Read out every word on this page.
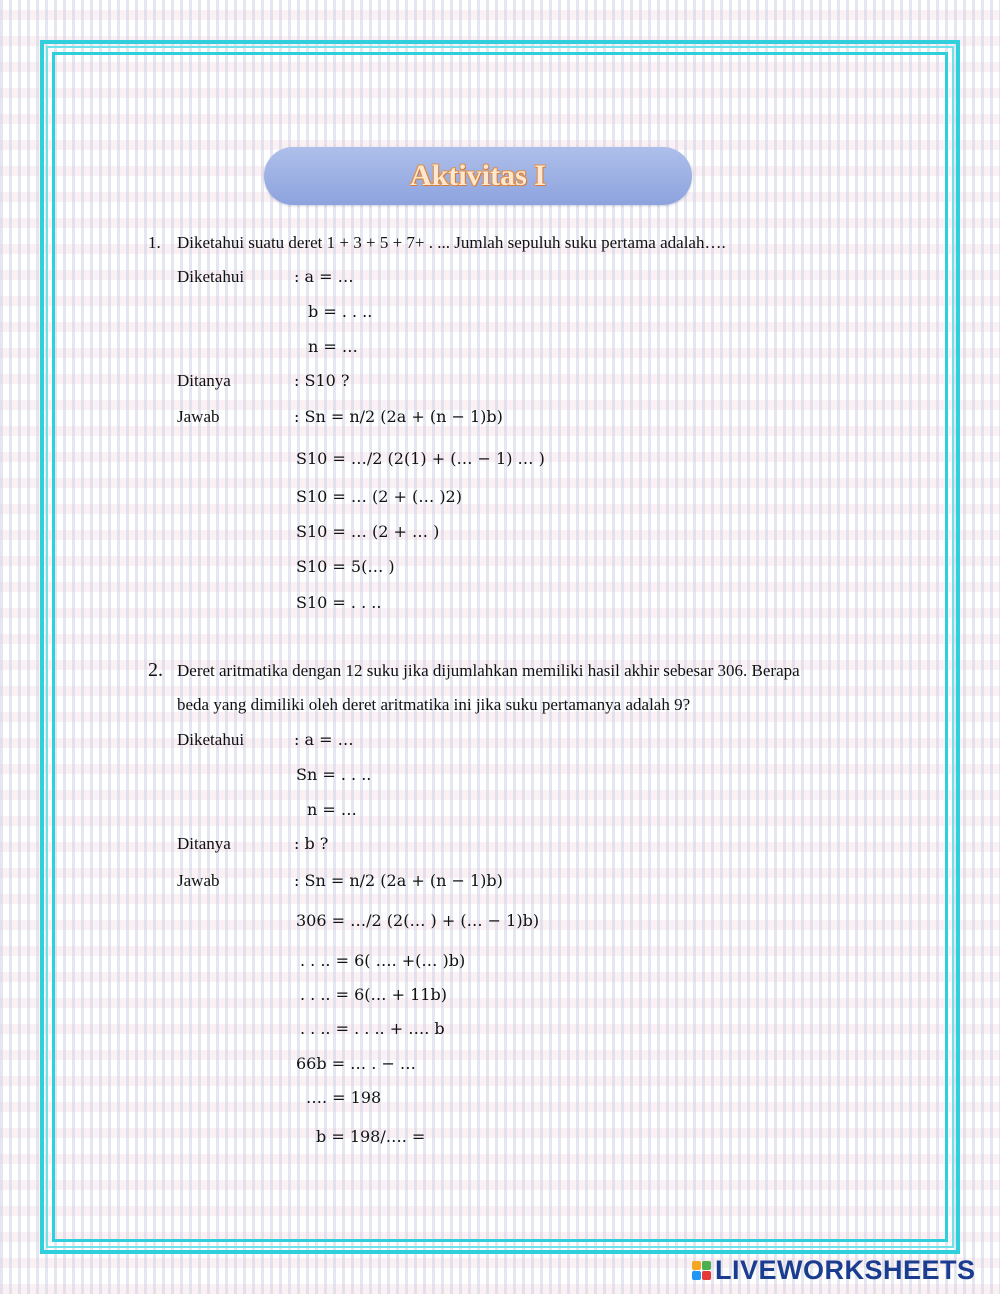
Aktivitas I
1. Diketahui suatu deret 1 + 3 + 5 + 7+ . ... Jumlah sepuluh suku pertama adalah….
Diketahui	: a = …
b = . . ..
n = …
Ditanya	: S10 ?
Jawab	: Sn = n/2 (2a + (n − 1)b)
S10 = …/2 (2(1) + (… − 1) … )
S10 = … (2 + (… )2)
S10 = … (2 + … )
S10 = 5(… )
S10 = . . ..
2. Deret aritmatika dengan 12 suku jika dijumlahkan memiliki hasil akhir sebesar 306. Berapa
beda yang dimiliki oleh deret aritmatika ini jika suku pertamanya adalah 9?
Diketahui	: a = …
Sn = . . ..
n = …
Ditanya	: b ?
Jawab	: Sn = n/2 (2a + (n − 1)b)
306 = …/2 (2(… ) + (… − 1)b)
. . .. = 6( …. +(… )b)
. . .. = 6(… + 11b)
. . .. = . . .. + …. b
66b = … . − …
…. = 198
b = 198/…. =
LIVEWORKSHEETS
